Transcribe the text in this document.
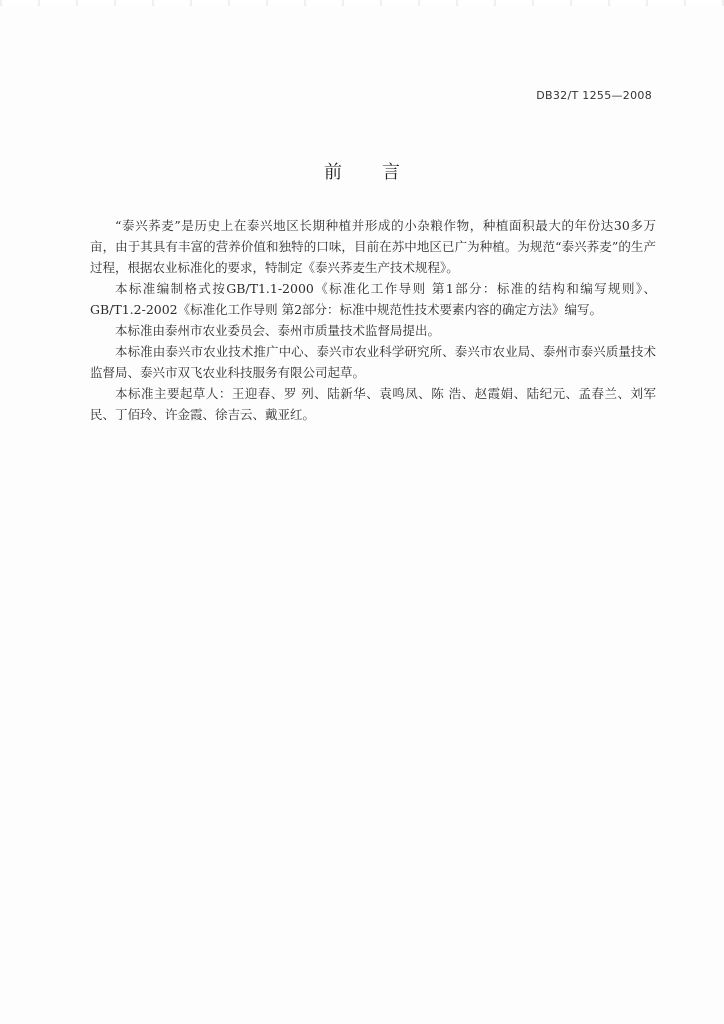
DB32/T 1255—2008
前 言

“泰兴荞麦”是历史上在泰兴地区长期种植并形成的小杂粮作物，种植面积最大的年份达30多万亩，由于其具有丰富的营养价值和独特的口味，目前在苏中地区已广为种植。为规范“泰兴荞麦”的生产过程，根据农业标准化的要求，特制定《泰兴荞麦生产技术规程》。

本标准编制格式按GB/T1.1-2000《标准化工作导则 第1部分：标准的结构和编写规则》、GB/T1.2-2002《标准化工作导则 第2部分：标准中规范性技术要素内容的确定方法》编写。

本标准由泰州市农业委员会、泰州市质量技术监督局提出。

本标准由泰兴市农业技术推广中心、泰兴市农业科学研究所、泰兴市农业局、泰州市泰兴质量技术监督局、泰兴市双飞农业科技服务有限公司起草。

本标准主要起草人：王迎春、罗 列、陆新华、袁鸣凤、陈 浩、赵霞娟、陆纪元、孟春兰、刘军民、丁佰玲、许金霞、徐吉云、戴亚红。
